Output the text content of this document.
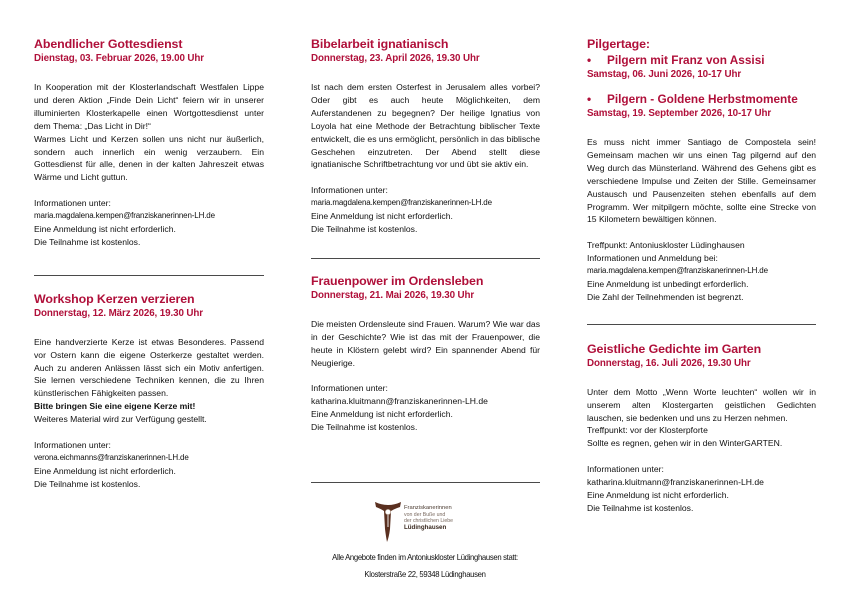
Abendlicher Gottesdienst
Dienstag, 03. Februar 2026, 19.00 Uhr

In Kooperation mit der Klosterlandschaft Westfalen Lippe und deren Aktion „Finde Dein Licht“ feiern wir in unserer illuminierten Klosterkapelle einen Wortgottesdienst unter dem Thema: „Das Licht in Dir!“

Warmes Licht und Kerzen sollen uns nicht nur äußerlich, sondern auch innerlich ein wenig verzaubern. Ein Gottesdienst für alle, denen in der kalten Jahreszeit etwas Wärme und Licht guttun.

Informationen unter:

maria.magdalena.kempen@franziskanerinnen-LH.de

Eine Anmeldung ist nicht erforderlich.

Die Teilnahme ist kostenlos.

Workshop Kerzen verzieren
Donnerstag, 12. März 2026, 19.30 Uhr

Eine handverzierte Kerze ist etwas Besonderes. Passend vor Ostern kann die eigene Osterkerze gestaltet werden. Auch zu anderen Anlässen lässt sich ein Motiv anfertigen. Sie lernen verschiedene Techniken kennen, die zu Ihren künstlerischen Fähigkeiten passen.

Bitte bringen Sie eine eigene Kerze mit!

Weiteres Material wird zur Verfügung gestellt.

Informationen unter:

verona.eichmanns@franziskanerinnen-LH.de

Eine Anmeldung ist nicht erforderlich.

Die Teilnahme ist kostenlos.

Bibelarbeit ignatianisch
Donnerstag, 23. April 2026, 19.30 Uhr

Ist nach dem ersten Osterfest in Jerusalem alles vorbei? Oder gibt es auch heute Möglichkeiten, dem Auferstandenen zu begegnen? Der heilige Ignatius von Loyola hat eine Methode der Betrachtung biblischer Texte entwickelt, die es uns ermöglicht, persönlich in das biblische Geschehen einzutreten. Der Abend stellt diese ignatianische Schriftbetrachtung vor und übt sie aktiv ein.

Informationen unter:

maria.magdalena.kempen@franziskanerinnen-LH.de

Eine Anmeldung ist nicht erforderlich.

Die Teilnahme ist kostenlos.

Frauenpower im Ordensleben
Donnerstag, 21. Mai 2026, 19.30 Uhr

Die meisten Ordensleute sind Frauen. Warum? Wie war das in der Geschichte? Wie ist das mit der Frauenpower, die heute in Klöstern gelebt wird? Ein spannender Abend für Neugierige.

Informationen unter:

katharina.kluitmann@franziskanerinnen-LH.de

Eine Anmeldung ist nicht erforderlich.

Die Teilnahme ist kostenlos.

Franziskanerinnen
von der Buße und
der christlichen Liebe
Lüdinghausen
Alle Angebote finden im Antoniuskloster Lüdinghausen statt:
Klosterstraße 22, 59348 Lüdinghausen
Pilgertage:
•	Pilgern mit Franz von Assisi
Samstag, 06. Juni 2026, 10-17 Uhr
•	Pilgern - Goldene Herbstmomente
Samstag, 19. September 2026, 10-17 Uhr

Es muss nicht immer Santiago de Compostela sein! Gemeinsam machen wir uns einen Tag pilgernd auf den Weg durch das Münsterland. Während des Gehens gibt es verschiedene Impulse und Zeiten der Stille. Gemeinsamer Austausch und Pausenzeiten stehen ebenfalls auf dem Programm. Wer mitpilgern möchte, sollte eine Strecke von 15 Kilometern bewältigen können.

Treffpunkt: Antoniuskloster Lüdinghausen

Informationen und Anmeldung bei:

maria.magdalena.kempen@franziskanerinnen-LH.de

Eine Anmeldung ist unbedingt erforderlich.

Die Zahl der Teilnehmenden ist begrenzt.

Geistliche Gedichte im Garten
Donnerstag, 16. Juli 2026, 19.30 Uhr

Unter dem Motto „Wenn Worte leuchten“ wollen wir in unserem alten Klostergarten geistlichen Gedichten lauschen, sie bedenken und uns zu Herzen nehmen.

Treffpunkt: vor der Klosterpforte

Sollte es regnen, gehen wir in den WinterGARTEN.

Informationen unter:

katharina.kluitmann@franziskanerinnen-LH.de

Eine Anmeldung ist nicht erforderlich.

Die Teilnahme ist kostenlos.
